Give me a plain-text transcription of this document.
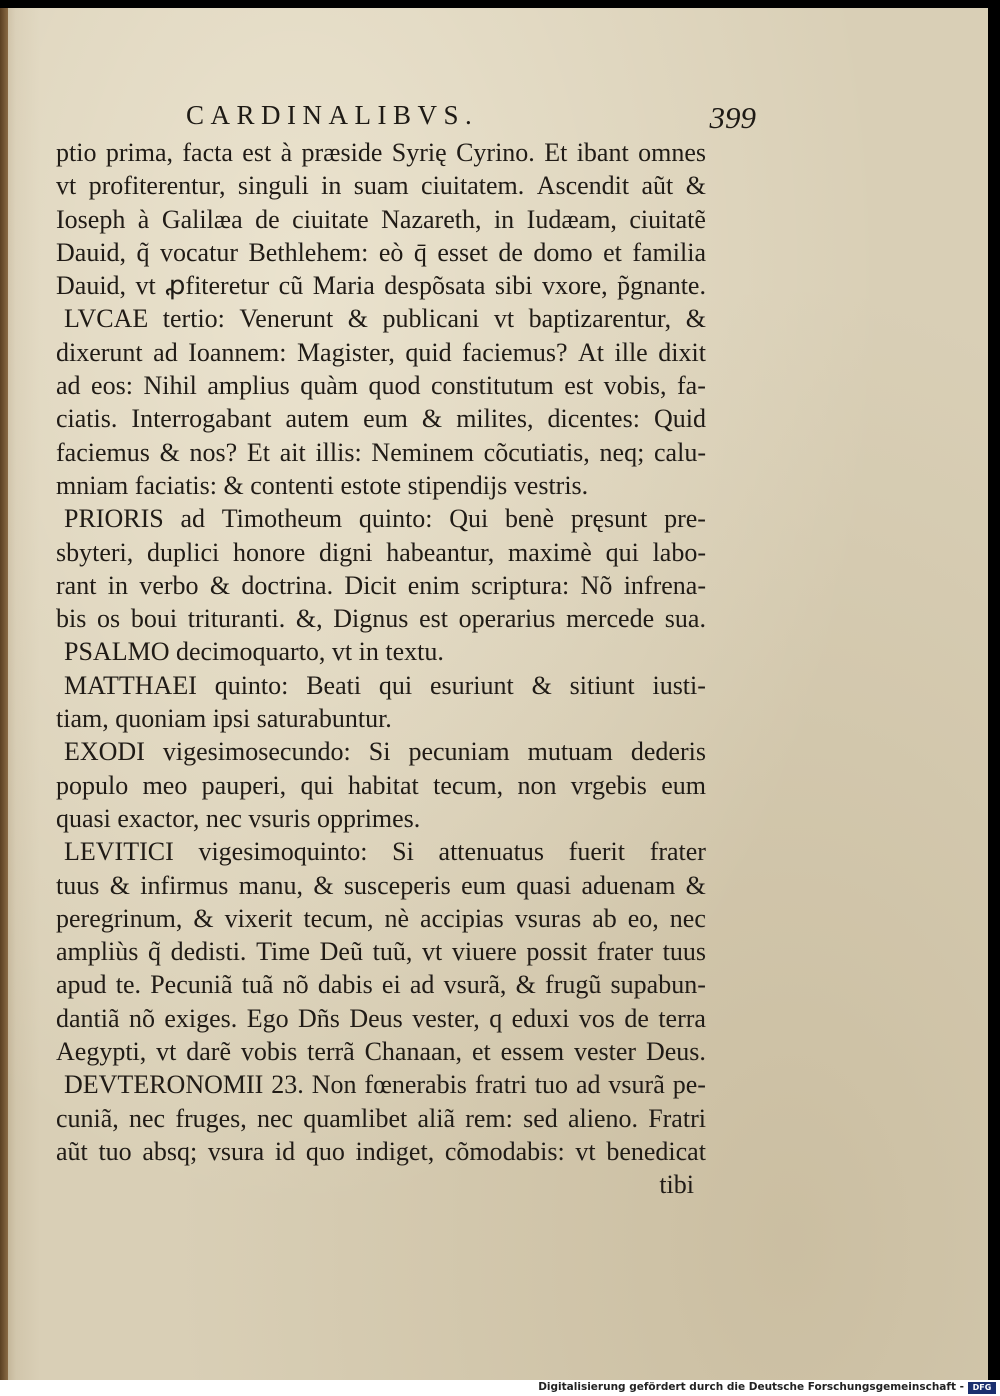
CARDINALIBVS.	399
ptio prima, facta est à præside Syrię Cyrino. Et ibant omnes
vt profiterentur, singuli in suam ciuitatem. Ascendit aũt &
Ioseph à Galilæa de ciuitate Nazareth, in Iudæam, ciuitatẽ
Dauid, q̃ vocatur Bethlehem: eò q̄ esset de domo et familia
Dauid, vt ꝓfiteretur cũ Maria despõsata sibi vxore, p̃gnante.
LVCAE tertio: Venerunt & publicani vt baptizarentur, &
dixerunt ad Ioannem: Magister, quid faciemus? At ille dixit
ad eos: Nihil amplius quàm quod constitutum est vobis, fa-
ciatis. Interrogabant autem eum & milites, dicentes: Quid
faciemus & nos? Et ait illis: Neminem cõcutiatis, neq; calu-
mniam faciatis: & contenti estote stipendijs vestris.
PRIORIS ad Timotheum quinto: Qui benè pręsunt pre-
sbyteri, duplici honore digni habeantur, maximè qui labo-
rant in verbo & doctrina. Dicit enim scriptura: Nõ infrena-
bis os boui trituranti. &, Dignus est operarius mercede sua.
PSALMO decimoquarto, vt in textu.
MATTHAEI quinto: Beati qui esuriunt & sitiunt iusti-
tiam, quoniam ipsi saturabuntur.
EXODI vigesimosecundo: Si pecuniam mutuam dederis
populo meo pauperi, qui habitat tecum, non vrgebis eum
quasi exactor, nec vsuris opprimes.
LEVITICI vigesimoquinto: Si attenuatus fuerit frater
tuus & infirmus manu, & susceperis eum quasi aduenam &
peregrinum, & vixerit tecum, nè accipias vsuras ab eo, nec
ampliùs q̃ dedisti. Time Deũ tuũ, vt viuere possit frater tuus
apud te. Pecuniã tuã nõ dabis ei ad vsurã, & frugũ supabun-
dantiã nõ exiges. Ego Dñs Deus vester, q eduxi vos de terra
Aegypti, vt darẽ vobis terrã Chanaan, et essem vester Deus.
DEVTERONOMII 23. Non fœnerabis fratri tuo ad vsurã pe-
cuniã, nec fruges, nec quamlibet aliã rem: sed alieno. Fratri
aũt tuo absq; vsura id quo indiget, cõmodabis: vt benedicat
tibi
Digitalisierung gefördert durch die Deutsche Forschungsgemeinschaft -	DFG
